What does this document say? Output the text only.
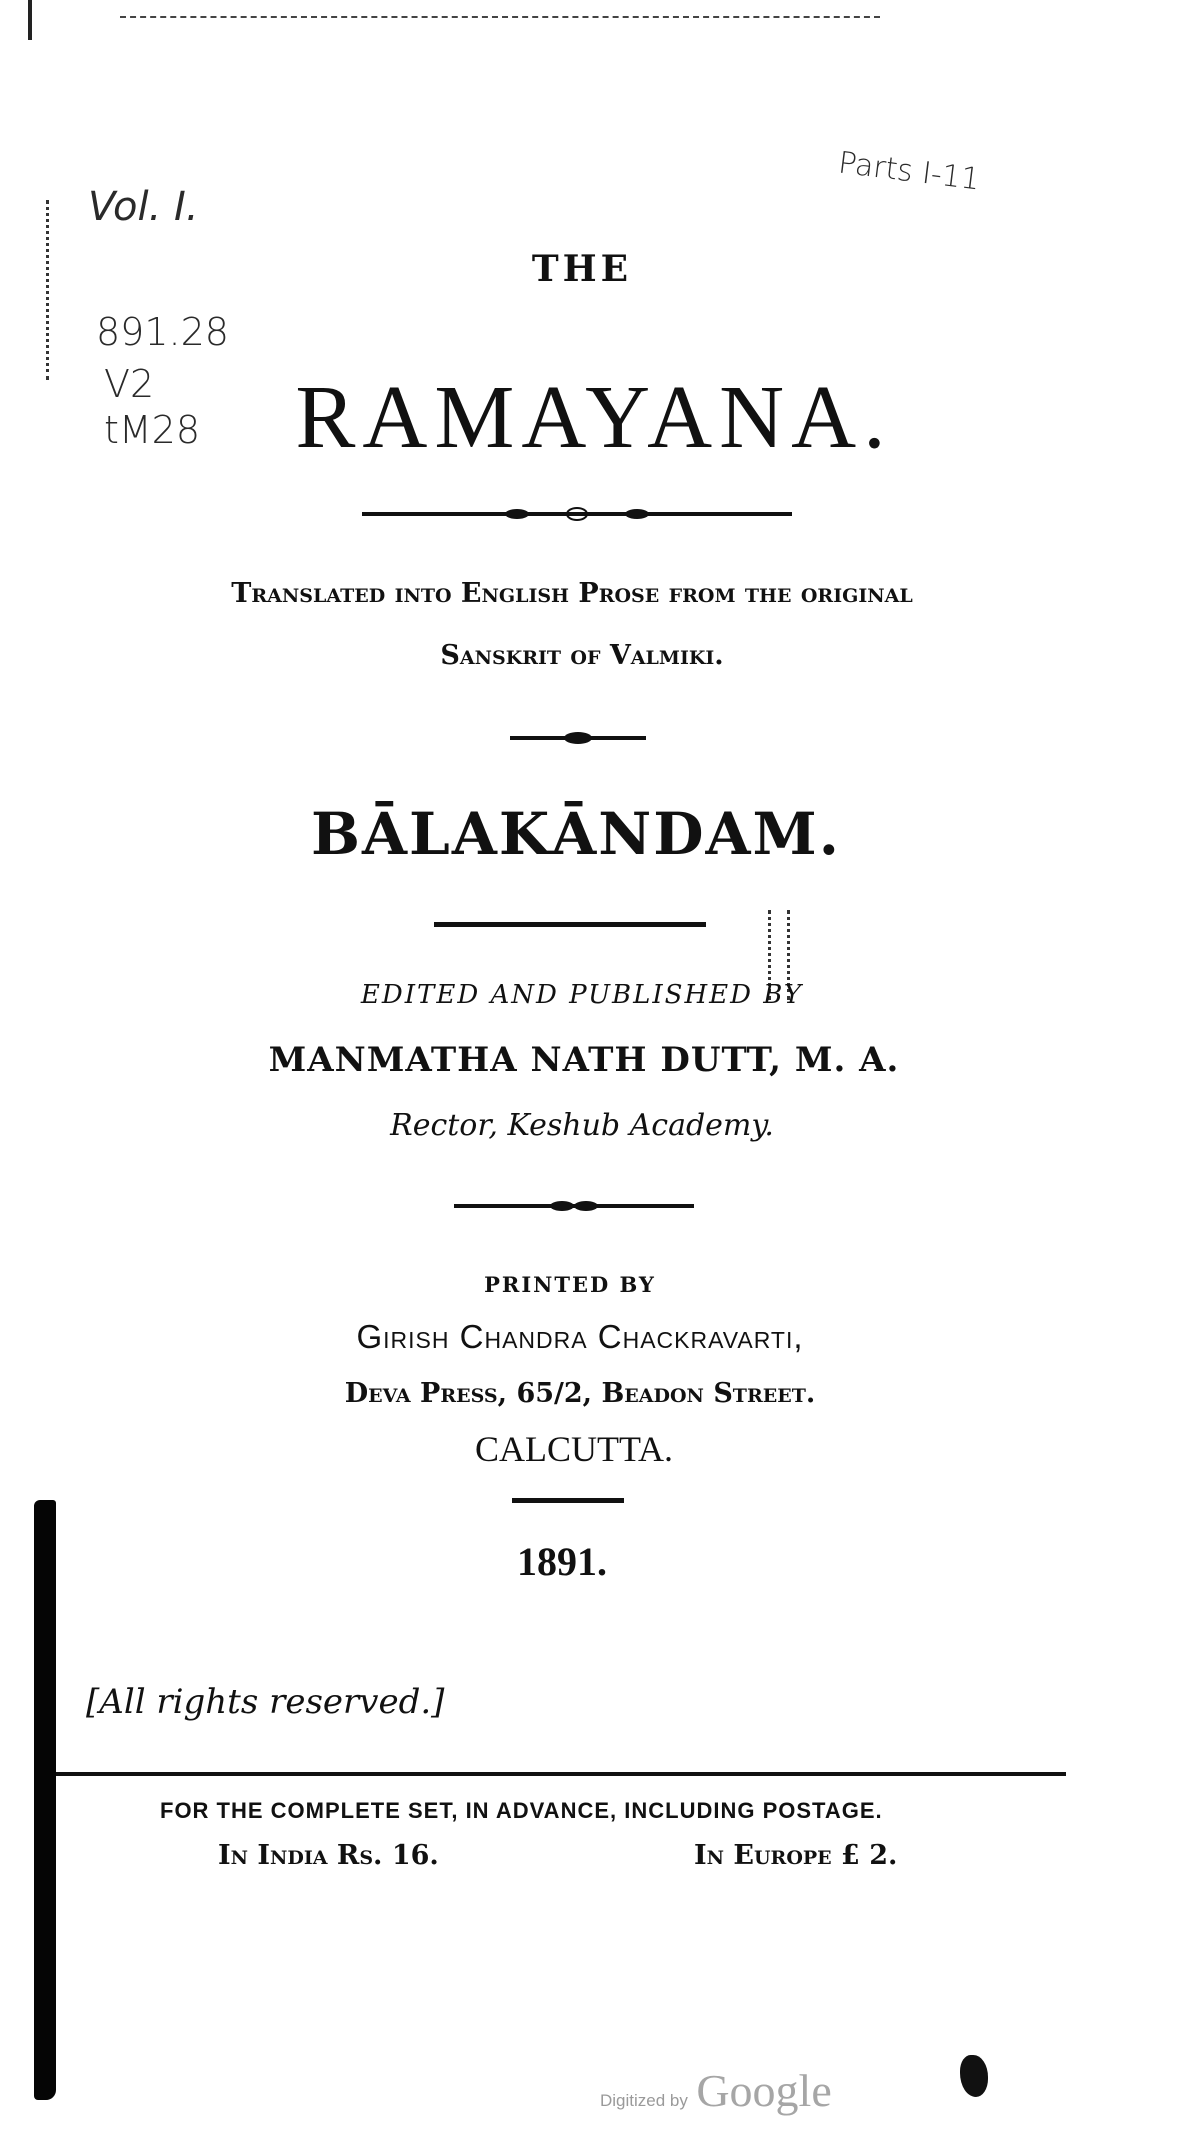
Vol. I.
891.28
V2
tM28
Parts I-11
THE
RAMAYANA.
Translated into English Prose from the original
Sanskrit of Valmiki.
BĀLAKĀNDAM.
EDITED AND PUBLISHED BY
MANMATHA NATH DUTT, M. A.
Rector, Keshub Academy.
PRINTED BY
Girish Chandra Chackravarti,
Deva Press, 65/2, Beadon Street.
CALCUTTA.
1891.
[All rights reserved.]
FOR THE COMPLETE SET, IN ADVANCE, INCLUDING POSTAGE.
In India Rs. 16.	In Europe £ 2.
Digitized by Google
